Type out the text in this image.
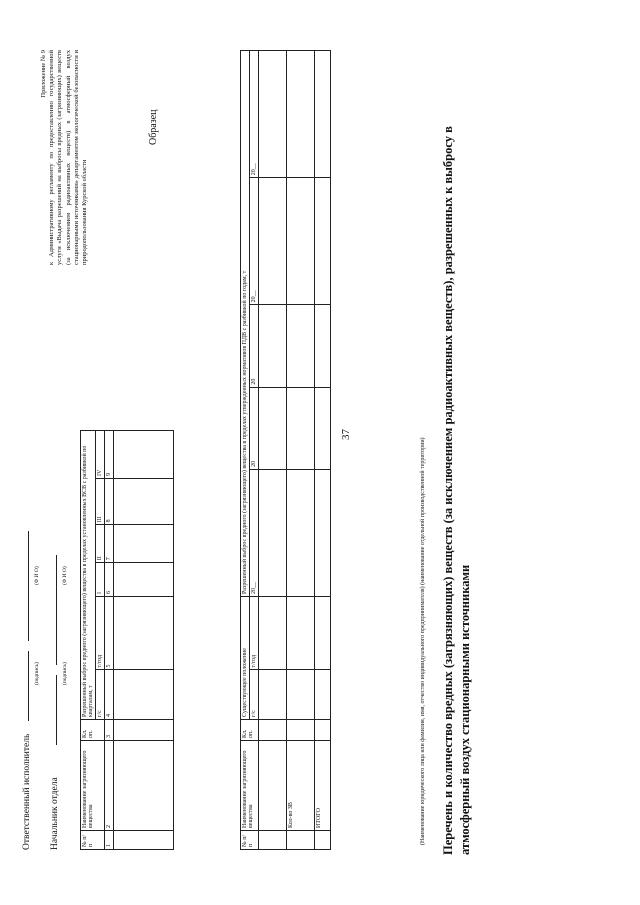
37
Приложение № 9 к Административному регламенту по предоставлению государственной услуги «Выдача разрешений на выбросы вредных (загрязняющих) веществ (за исключением радиоактивных веществ) в атмосферный воздух стационарными источниками» департаментом экологической безопасности и природопользования Курской области
Образец	Перечень и количество вредных (загрязняющих) веществ (за исключением радиоактивных веществ), разрешенных к выбросу в атмосферный воздух стационарными источниками
(Наименование юридического лица или фамилия, имя, отчество индивидуального предпринимателя) (наименование отдельной производственной территории)
№ п/п	Наименование загрязняющего вещества	Кл. оп.	Существующее положение		Разрешенный выброс вредного (загрязняющего) вещества в пределах утвержденных нормативов ПДВ с разбивкой по годам, т				
			г/с	т/год	20__	20	20	20__	20__

	Кол-во ЗВ								
	ИТОГО								
№ п/п	Наименование загрязняющего вещества	Кл. оп.	Разрешенный выброс вредного (загрязняющего) вещества в пределах установленных ВСВ с разбивкой по кварталам, т					
			г/с	т/год	I	II	III	IV
1	2	3	4	5	6	7	8	9

Начальник отдела
(подпись)
(Ф И О)
Ответственный исполнитель
(подпись)
(Ф И О)
